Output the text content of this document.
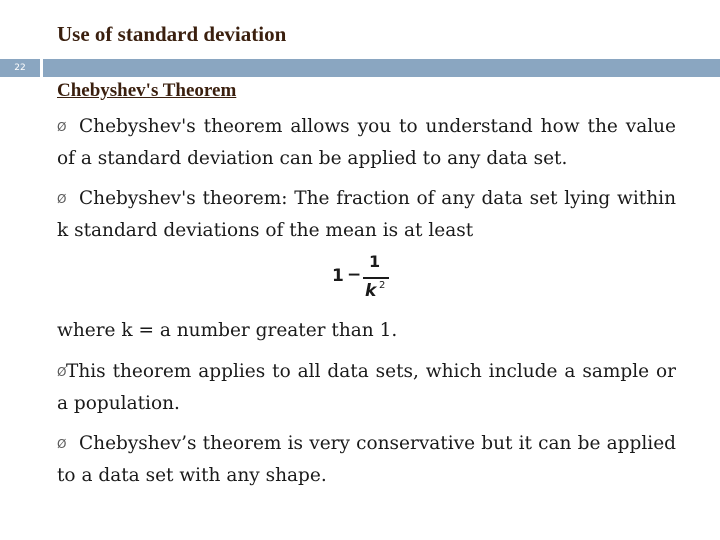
Use of standard deviation
22
Chebyshev's Theorem
Ø Chebyshev's theorem allows you to understand how the value of a standard deviation can be applied to any data set.
Ø Chebyshev's theorem: The fraction of any data set lying within k standard deviations of the mean is at least
1 −
1
k 2
where k = a number greater than 1.
ØThis theorem applies to all data sets, which include a sample or a population.
Ø Chebyshev’s theorem is very conservative but it can be applied to a data set with any shape.
